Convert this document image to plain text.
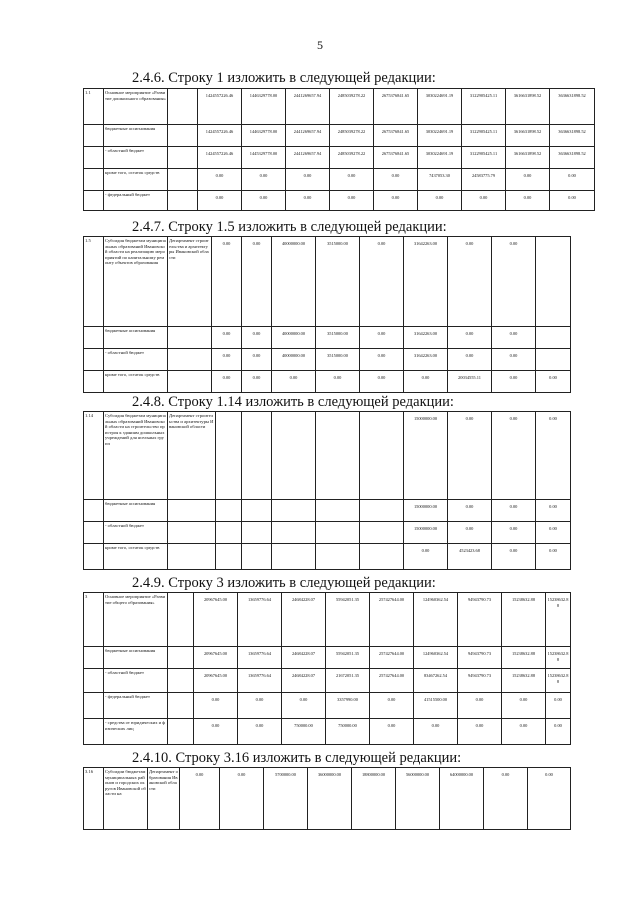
5
2.4.6. Строку 1 изложить в следующей редакции:
1.1	Основное мероприятие «Развитие дошкольного образования»		1424557226.46	1446329778.00	2441269657.94	2485039278.22	2675376841.65	3030224691.19	3122905425.11	3616631898.52	3636631898.52
	бюджетные ассигнования		1424557226.46	1446329778.00	2441269657.94	2485039278.22	2675376841.65	3030224691.19	3122905425.11	3616631898.52	3636631898.52
	- областной бюджет		1424557226.46	1445329778.00	2441269657.94	2485039278.22	2675376841.65	3030224691.19	3122905425.11	3616631898.52	3636631898.52
	кроме того, остаток средств		0.00	0.00	0.00	0.00	0.00	7437053.30	24583775.79	0.00	0.00
	- федеральный бюджет		0.00	0.00	0.00	0.00	0.00	0.00	0.00	0.00	0.00
2.4.7. Строку 1.5 изложить в следующей редакции:
1.5	Субсидия бюджетам муниципальных образований Ивановской области на реализацию мероприятий по капитальному ремонту объектов образования	Департамент строительства и архитектуры Ивановской области	0.00	0.00	40000000.00	3515000.00	0.00	31642263.00	0.00	0.00	
	бюджетные ассигнования		0.00	0.00	40000000.00	3515000.00	0.00	31642263.00	0.00	0.00	
	- областной бюджет		0.00	0.00	40000000.00	3515000.00	0.00	31642263.00	0.00	0.00	
	кроме того, остаток средств		0.00	0.00	0.00	0.00	0.00	0.00	20034555.11	0.00	0.00
2.4.8. Строку 1.14 изложить в следующей редакции:
1.14	Субсидия бюджетам муниципальных образований Ивановской области на строительство пристроя к зданиям дошкольных учреждений для ясельных групп	Департамент строительства и архитектуры Ивановской области						15000000.00	0.00	0.00	0.00
	бюджетные ассигнования							15000000.00	0.00	0.00	0.00
	- областной бюджет							15000000.00	0.00	0.00	0.00
	кроме того, остаток средств							0.00	4523423.68	0.00	0.00
2.4.9. Строку 3 изложить в следующей редакции:
3	Основное мероприятие «Развитие общего образования»		20967645.00	13659776.64	24684228.07	55942051.35	257427644.00	124960362.54	94943790.73	15238632.88	15238632.88
	бюджетные ассигнования		20967645.00	13659776.64	24684228.07	55942051.35	257427644.00	124960362.54	94943790.73	15238632.88	15238632.88
	- областной бюджет		20967645.00	13659776.64	24684228.07	21672051.35	257427644.00	83467262.54	94943790.73	15238632.88	15238632.88
	- федеральный бюджет		0.00	0.00	0.00	3357990.00	0.00	41515500.00	0.00	0.00	0.00
	- средства от юридических и физических лиц		0.00	0.00	750000.00	750000.00	0.00	0.00	0.00	0.00	0.00
2.4.10. Строку 3.16 изложить в следующей редакции:
3.16	Субсидии бюджетам муниципальных районов и городских округов Ивановской области на	Департамент образования Ивановской области	0.00	0.00	5700000.00	36000000.00	18800000.00	56000000.00	64000000.00	0.00	0.00
